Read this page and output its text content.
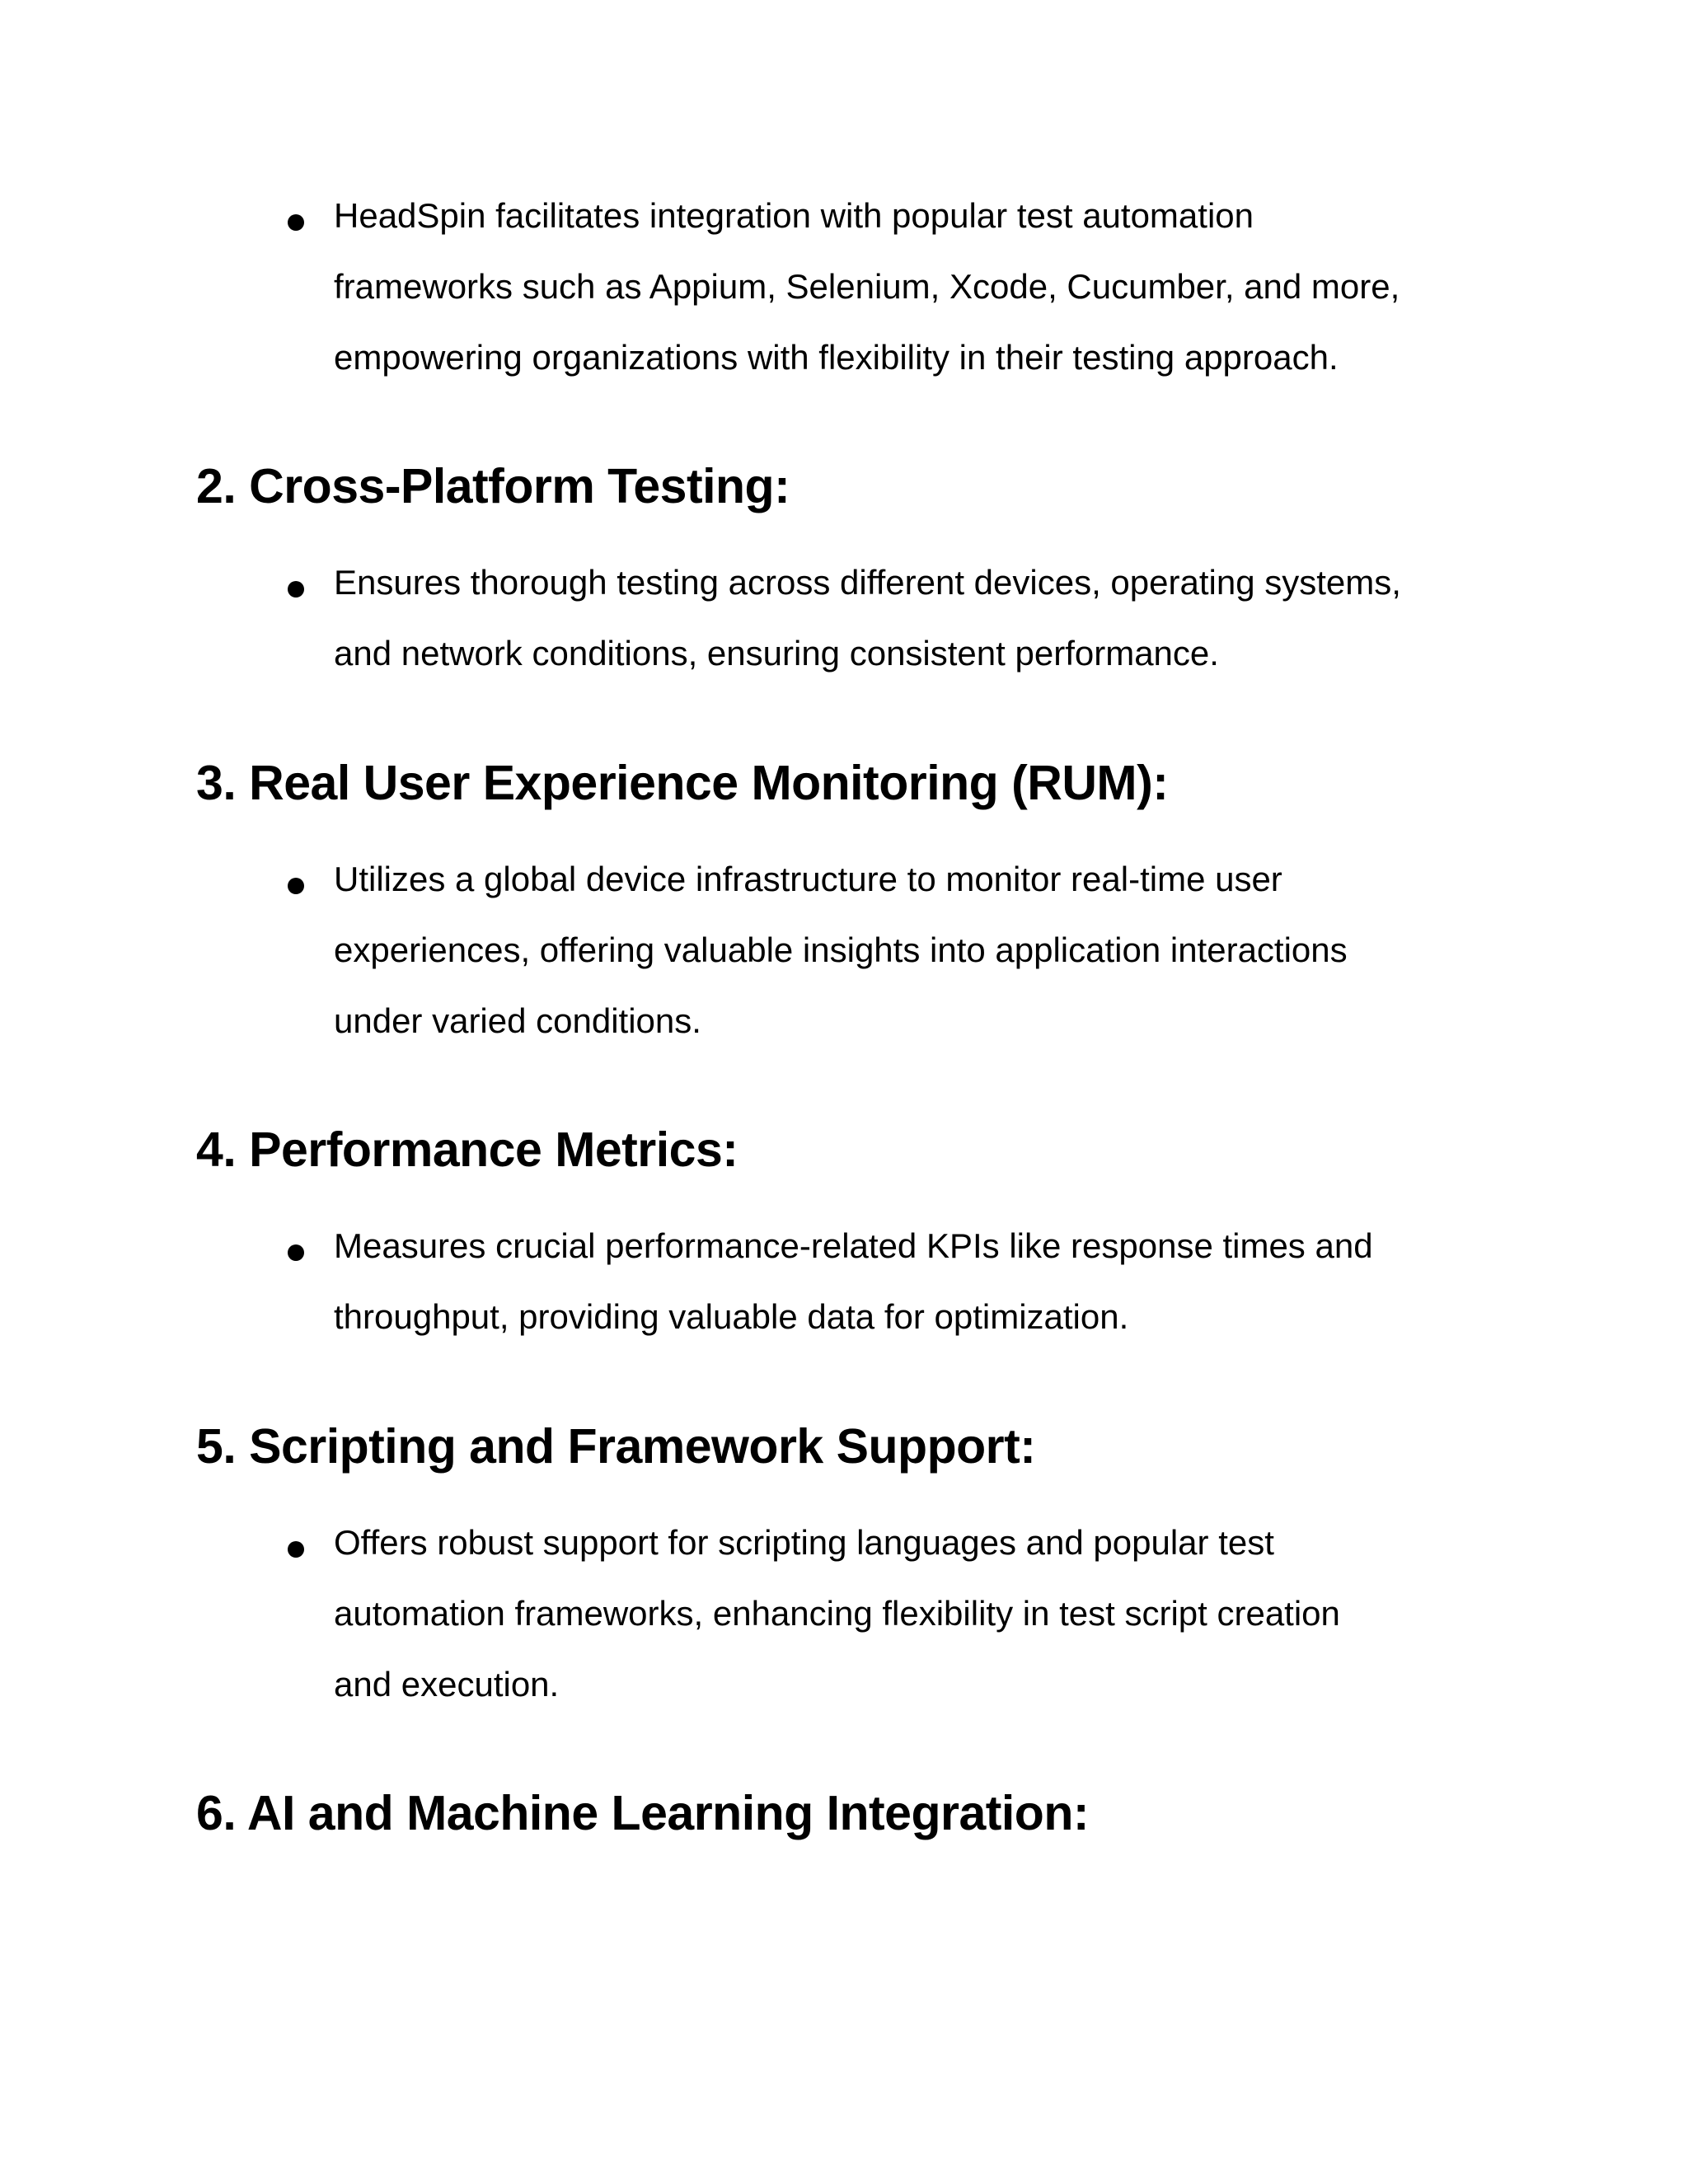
HeadSpin facilitates integration with popular test automation
frameworks such as Appium, Selenium, Xcode, Cucumber, and more,
empowering organizations with flexibility in their testing approach.
2. Cross-Platform Testing:
Ensures thorough testing across different devices, operating systems,
and network conditions, ensuring consistent performance.
3. Real User Experience Monitoring (RUM):
Utilizes a global device infrastructure to monitor real-time user
experiences, offering valuable insights into application interactions
under varied conditions.
4. Performance Metrics:
Measures crucial performance-related KPIs like response times and
throughput, providing valuable data for optimization.
5. Scripting and Framework Support:
Offers robust support for scripting languages and popular test
automation frameworks, enhancing flexibility in test script creation
and execution.
6. AI and Machine Learning Integration:
